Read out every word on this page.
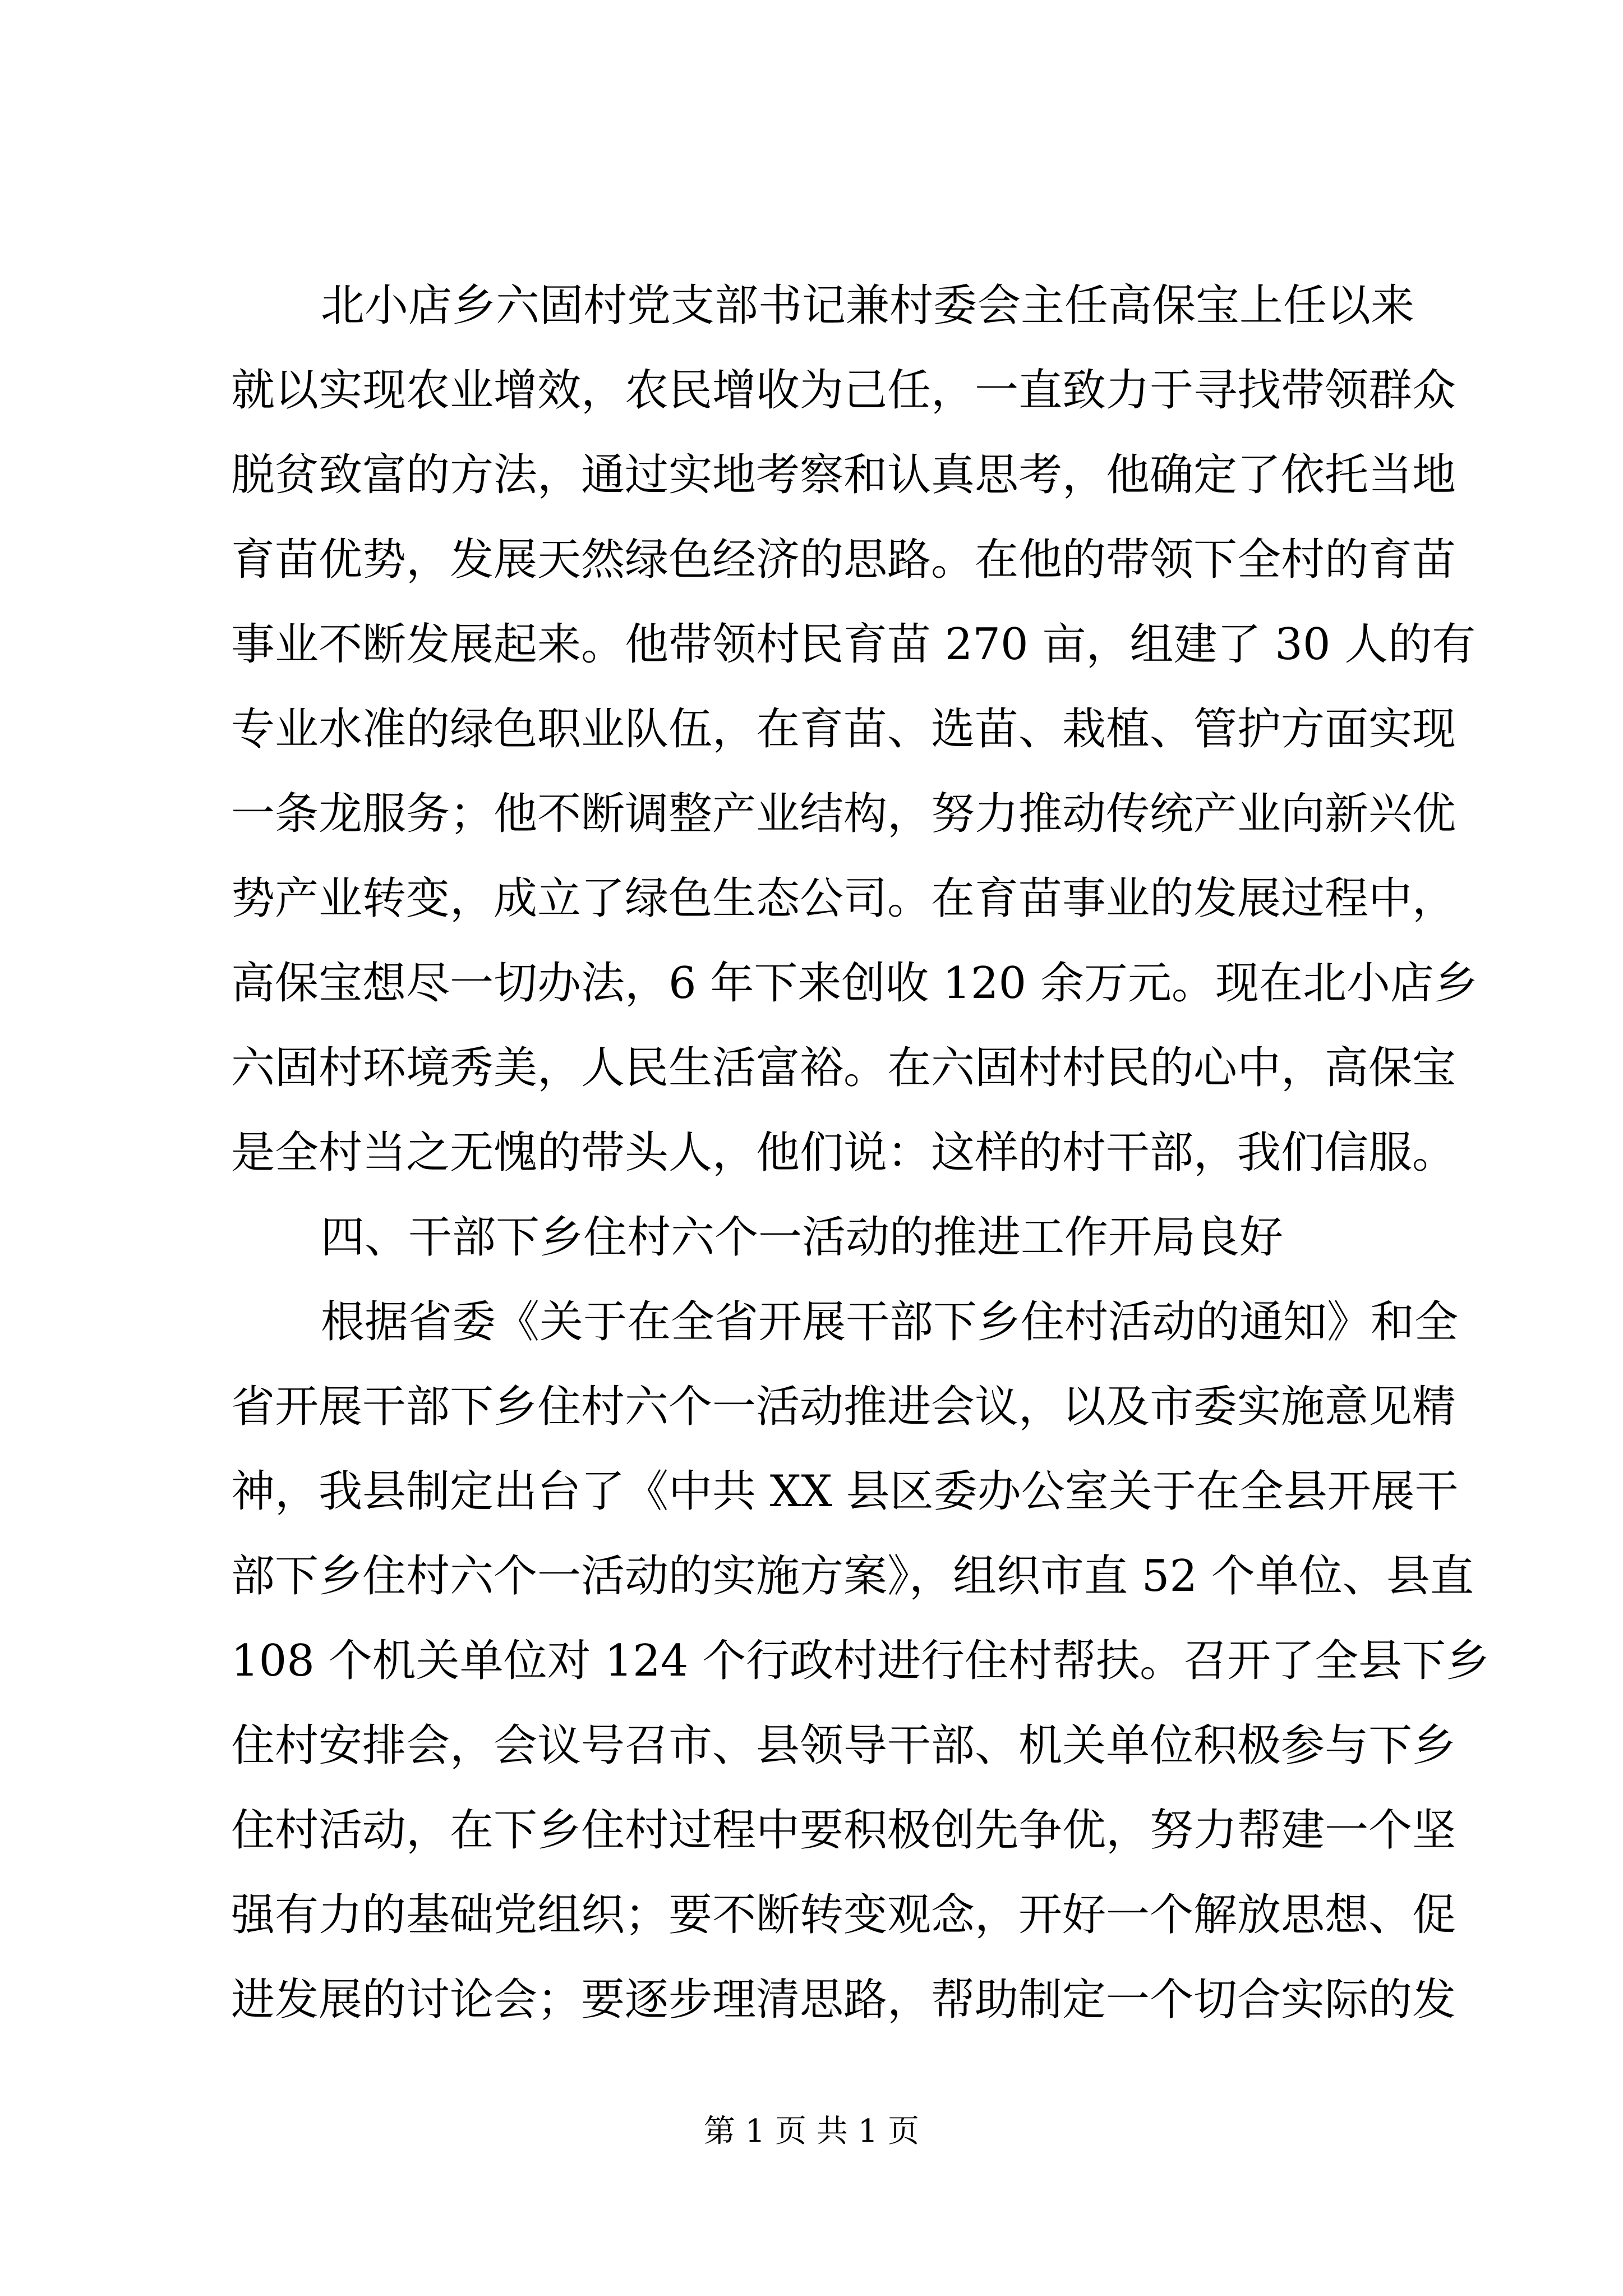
北小店乡六固村党支部书记兼村委会主任高保宝上任以来
就以实现农业增效，农民增收为己任，一直致力于寻找带领群众
脱贫致富的方法，通过实地考察和认真思考，他确定了依托当地
育苗优势，发展天然绿色经济的思路。在他的带领下全村的育苗
事业不断发展起来。他带领村民育苗 270 亩，组建了 30 人的有
专业水准的绿色职业队伍，在育苗、选苗、栽植、管护方面实现
一条龙服务；他不断调整产业结构，努力推动传统产业向新兴优
势产业转变，成立了绿色生态公司。在育苗事业的发展过程中，
高保宝想尽一切办法，6 年下来创收 120 余万元。现在北小店乡
六固村环境秀美，人民生活富裕。在六固村村民的心中，高保宝
是全村当之无愧的带头人，他们说：这样的村干部，我们信服。
四、干部下乡住村六个一活动的推进工作开局良好
根据省委《关于在全省开展干部下乡住村活动的通知》和全
省开展干部下乡住村六个一活动推进会议，以及市委实施意见精
神，我县制定出台了《中共 XX 县区委办公室关于在全县开展干
部下乡住村六个一活动的实施方案》，组织市直 52 个单位、县直
108 个机关单位对 124 个行政村进行住村帮扶。召开了全县下乡
住村安排会，会议号召市、县领导干部、机关单位积极参与下乡
住村活动，在下乡住村过程中要积极创先争优，努力帮建一个坚
强有力的基础党组织；要不断转变观念，开好一个解放思想、促
进发展的讨论会；要逐步理清思路，帮助制定一个切合实际的发
第 1 页 共 1 页
